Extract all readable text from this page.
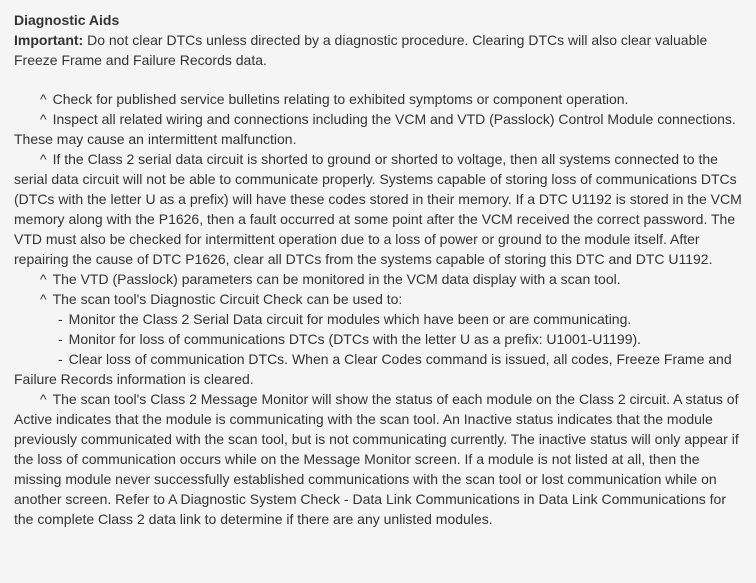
Diagnostic Aids

Important: Do not clear DTCs unless directed by a diagnostic procedure. Clearing DTCs will also clear valuable Freeze Frame and Failure Records data.

^ Check for published service bulletins relating to exhibited symptoms or component operation.

^ Inspect all related wiring and connections including the VCM and VTD (Passlock) Control Module connections. These may cause an intermittent malfunction.

^ If the Class 2 serial data circuit is shorted to ground or shorted to voltage, then all systems connected to the serial data circuit will not be able to communicate properly. Systems capable of storing loss of communications DTCs (DTCs with the letter U as a prefix) will have these codes stored in their memory. If a DTC U1192 is stored in the VCM memory along with the P1626, then a fault occurred at some point after the VCM received the correct password. The VTD must also be checked for intermittent operation due to a loss of power or ground to the module itself. After repairing the cause of DTC P1626, clear all DTCs from the systems capable of storing this DTC and DTC U1192.

^ The VTD (Passlock) parameters can be monitored in the VCM data display with a scan tool.

^ The scan tool's Diagnostic Circuit Check can be used to:

- Monitor the Class 2 Serial Data circuit for modules which have been or are communicating.

- Monitor for loss of communications DTCs (DTCs with the letter U as a prefix: U1001-U1199).

- Clear loss of communication DTCs. When a Clear Codes command is issued, all codes, Freeze Frame and Failure Records information is cleared.

^ The scan tool's Class 2 Message Monitor will show the status of each module on the Class 2 circuit. A status of Active indicates that the module is communicating with the scan tool. An Inactive status indicates that the module previously communicated with the scan tool, but is not communicating currently. The inactive status will only appear if the loss of communication occurs while on the Message Monitor screen. If a module is not listed at all, then the missing module never successfully established communications with the scan tool or lost communication while on another screen. Refer to A Diagnostic System Check - Data Link Communications in Data Link Communications for the complete Class 2 data link to determine if there are any unlisted modules.
